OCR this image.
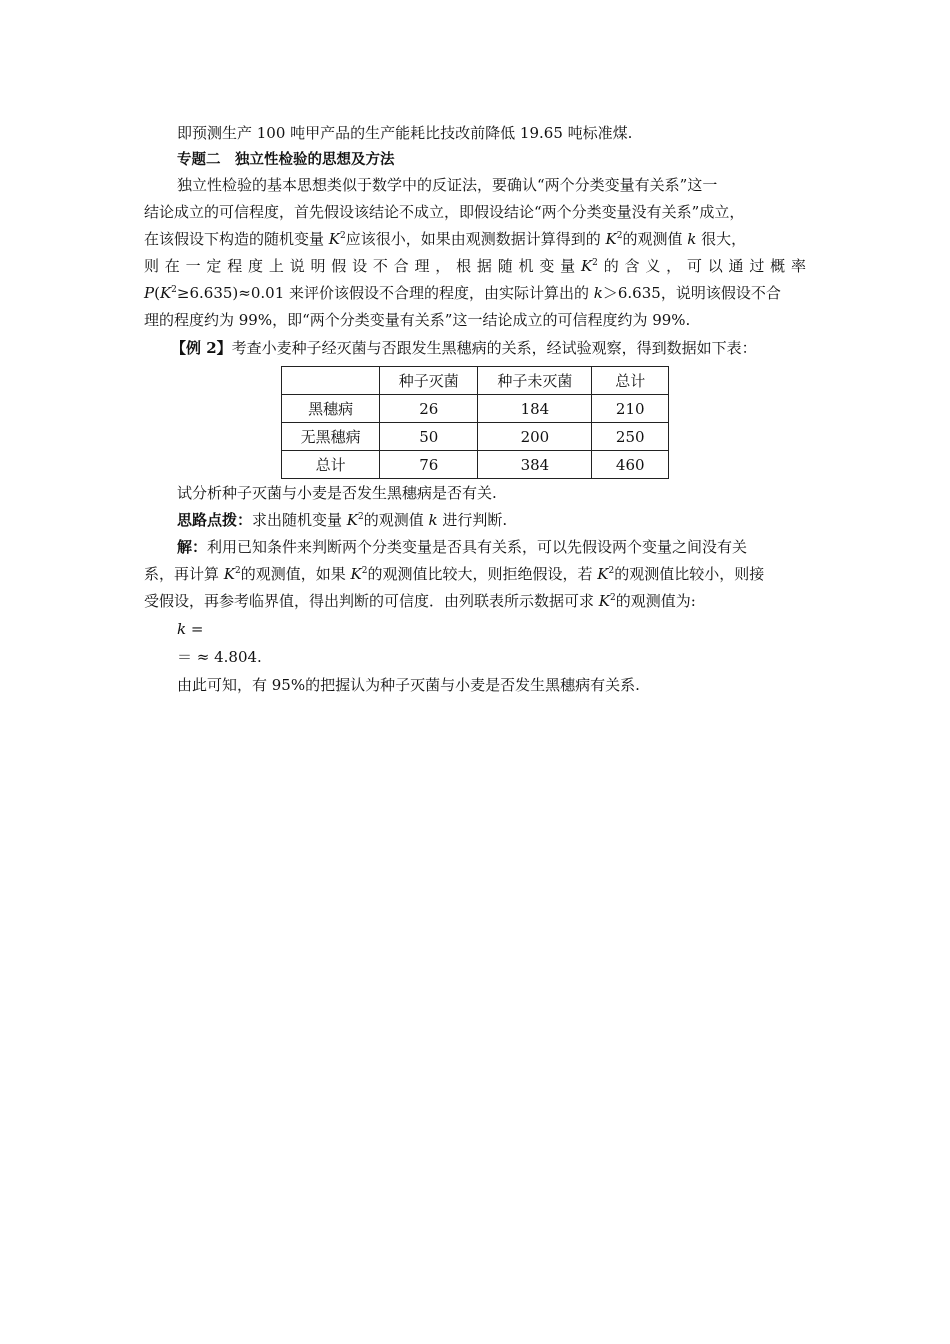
即预测生产 100 吨甲产品的生产能耗比技改前降低 19.65 吨标准煤.
专题二　独立性检验的思想及方法
独立性检验的基本思想类似于数学中的反证法，要确认“两个分类变量有关系”这一
结论成立的可信程度，首先假设该结论不成立，即假设结论“两个分类变量没有关系”成立，
在该假设下构造的随机变量 $K^2$应该很小，如果由观测数据计算得到的 $K^2$的观测值 k 很大，
则在一定程度上说明假设不合理，根据随机变量$K^2$的含义，可以通过概率
$P(K^2\ge 6.635)\approx 0.01$ 来评价该假设不合理的程度，由实际计算出的 k＞6.635，说明该假设不合
理的程度约为 99%，即“两个分类变量有关系”这一结论成立的可信程度约为 99%.
【例 2】考查小麦种子经灭菌与否跟发生黑穗病的关系，经试验观察，得到数据如下表：
	种子灭菌	种子未灭菌	总计
黑穗病	26	184	210
无黑穗病	50	200	250
总计	76	384	460
试分析种子灭菌与小麦是否发生黑穗病是否有关.
思路点拨：求出随机变量 $K^2$的观测值 k 进行判断.
解：利用已知条件来判断两个分类变量是否具有关系，可以先假设两个变量之间没有关
系，再计算 $K^2$的观测值，如果 $K^2$的观测值比较大，则拒绝假设，若 $K^2$的观测值比较小，则接
受假设，再参考临界值，得出判断的可信度．由列联表所示数据可求 $K^2$的观测值为:
k =
＝ ≈ 4.804.
由此可知，有 95%的把握认为种子灭菌与小麦是否发生黑穗病有关系.
